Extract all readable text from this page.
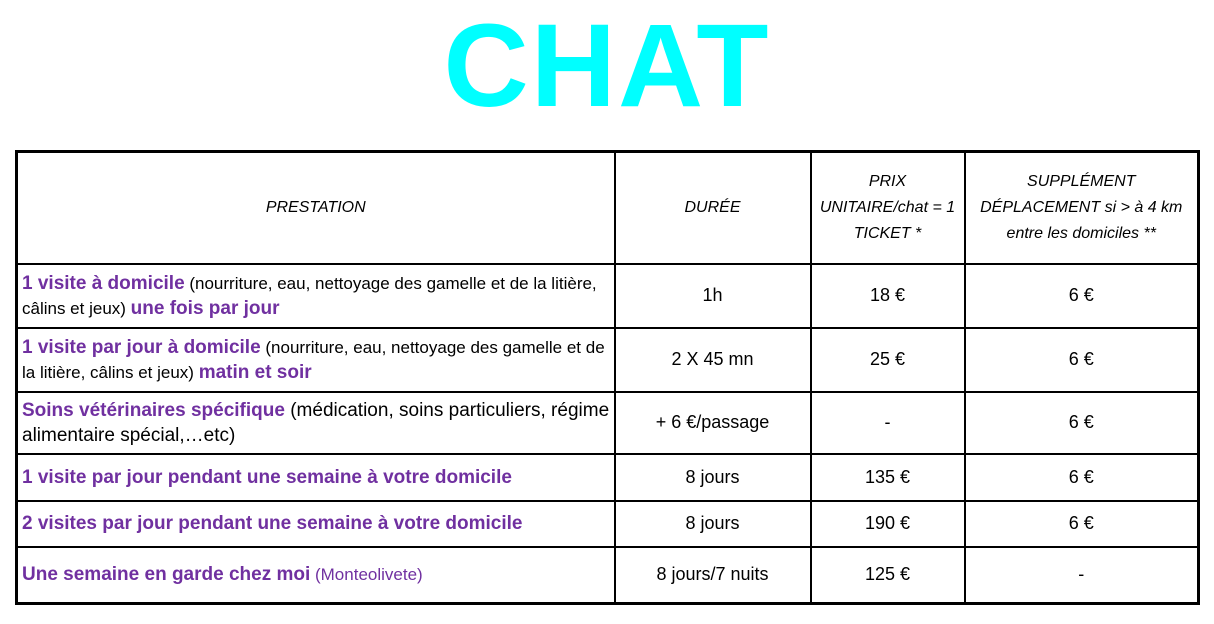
CHAT
PRESTATION	DURÉE	PRIX UNITAIRE/chat = 1 TICKET *	SUPPLÉMENT DÉPLACEMENT si > à 4 km entre les domiciles **
1 visite à domicile (nourriture, eau, nettoyage des gamelle et de la litière, câlins et jeux) une fois par jour	1h	18 €	6 €
1 visite par jour à domicile (nourriture, eau, nettoyage des gamelle et de la litière, câlins et jeux) matin et soir	2 X 45 mn	25 €	6 €
Soins vétérinaires spécifique (médication, soins particuliers, régime alimentaire spécial,…etc)	+ 6 €/passage	-	6 €
1 visite par jour pendant une semaine à votre domicile	8 jours	135 €	6 €
2 visites par jour pendant une semaine à votre domicile	8 jours	190 €	6 €
Une semaine en garde chez moi (Monteolivete)	8 jours/7 nuits	125 €	-
